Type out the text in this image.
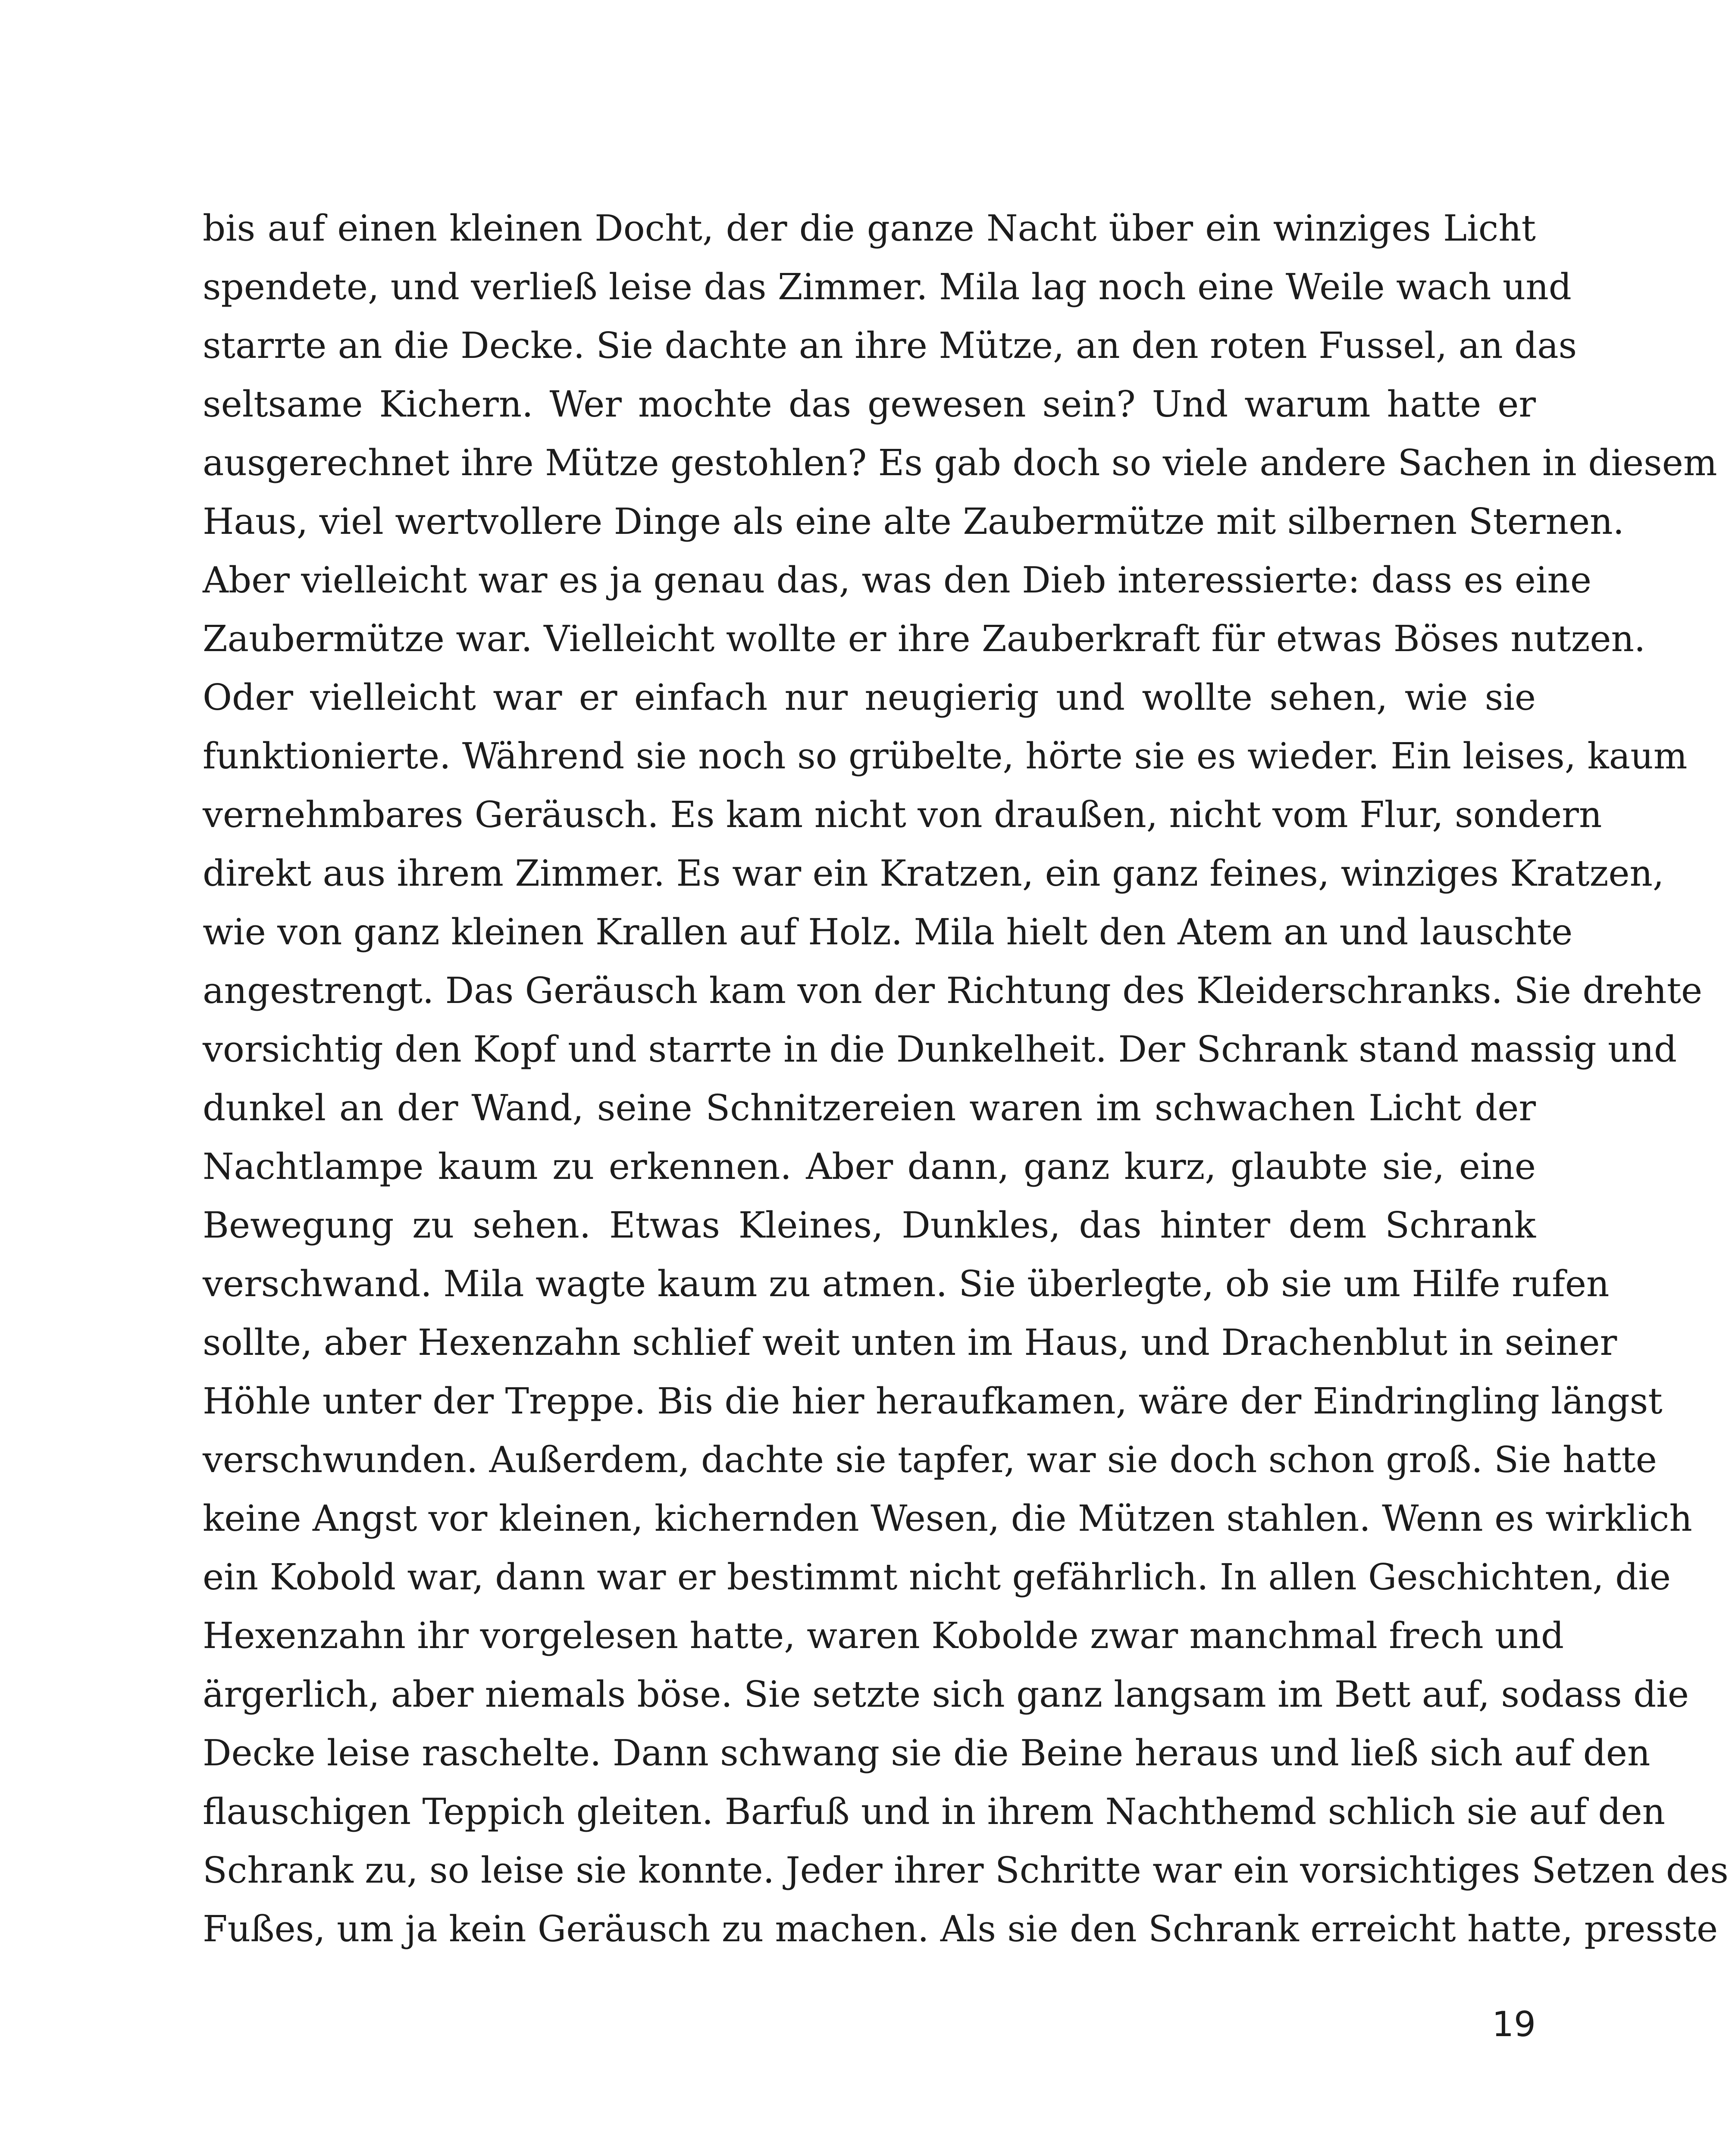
bis auf einen kleinen Docht, der die ganze Nacht über ein winziges Licht
spendete, und verließ leise das Zimmer. Mila lag noch eine Weile wach und
starrte an die Decke. Sie dachte an ihre Mütze, an den roten Fussel, an das
seltsame Kichern. Wer mochte das gewesen sein? Und warum hatte er
ausgerechnet ihre Mütze gestohlen? Es gab doch so viele andere Sachen in diesem
Haus, viel wertvollere Dinge als eine alte Zaubermütze mit silbernen Sternen.
Aber vielleicht war es ja genau das, was den Dieb interessierte: dass es eine
Zaubermütze war. Vielleicht wollte er ihre Zauberkraft für etwas Böses nutzen.
Oder vielleicht war er einfach nur neugierig und wollte sehen, wie sie
funktionierte. Während sie noch so grübelte, hörte sie es wieder. Ein leises, kaum
vernehmbares Geräusch. Es kam nicht von draußen, nicht vom Flur, sondern
direkt aus ihrem Zimmer. Es war ein Kratzen, ein ganz feines, winziges Kratzen,
wie von ganz kleinen Krallen auf Holz. Mila hielt den Atem an und lauschte
angestrengt. Das Geräusch kam von der Richtung des Kleiderschranks. Sie drehte
vorsichtig den Kopf und starrte in die Dunkelheit. Der Schrank stand massig und
dunkel an der Wand, seine Schnitzereien waren im schwachen Licht der
Nachtlampe kaum zu erkennen. Aber dann, ganz kurz, glaubte sie, eine
Bewegung zu sehen. Etwas Kleines, Dunkles, das hinter dem Schrank
verschwand. Mila wagte kaum zu atmen. Sie überlegte, ob sie um Hilfe rufen
sollte, aber Hexenzahn schlief weit unten im Haus, und Drachenblut in seiner
Höhle unter der Treppe. Bis die hier heraufkamen, wäre der Eindringling längst
verschwunden. Außerdem, dachte sie tapfer, war sie doch schon groß. Sie hatte
keine Angst vor kleinen, kichernden Wesen, die Mützen stahlen. Wenn es wirklich
ein Kobold war, dann war er bestimmt nicht gefährlich. In allen Geschichten, die
Hexenzahn ihr vorgelesen hatte, waren Kobolde zwar manchmal frech und
ärgerlich, aber niemals böse. Sie setzte sich ganz langsam im Bett auf, sodass die
Decke leise raschelte. Dann schwang sie die Beine heraus und ließ sich auf den
flauschigen Teppich gleiten. Barfuß und in ihrem Nachthemd schlich sie auf den
Schrank zu, so leise sie konnte. Jeder ihrer Schritte war ein vorsichtiges Setzen des
Fußes, um ja kein Geräusch zu machen. Als sie den Schrank erreicht hatte, presste
19
